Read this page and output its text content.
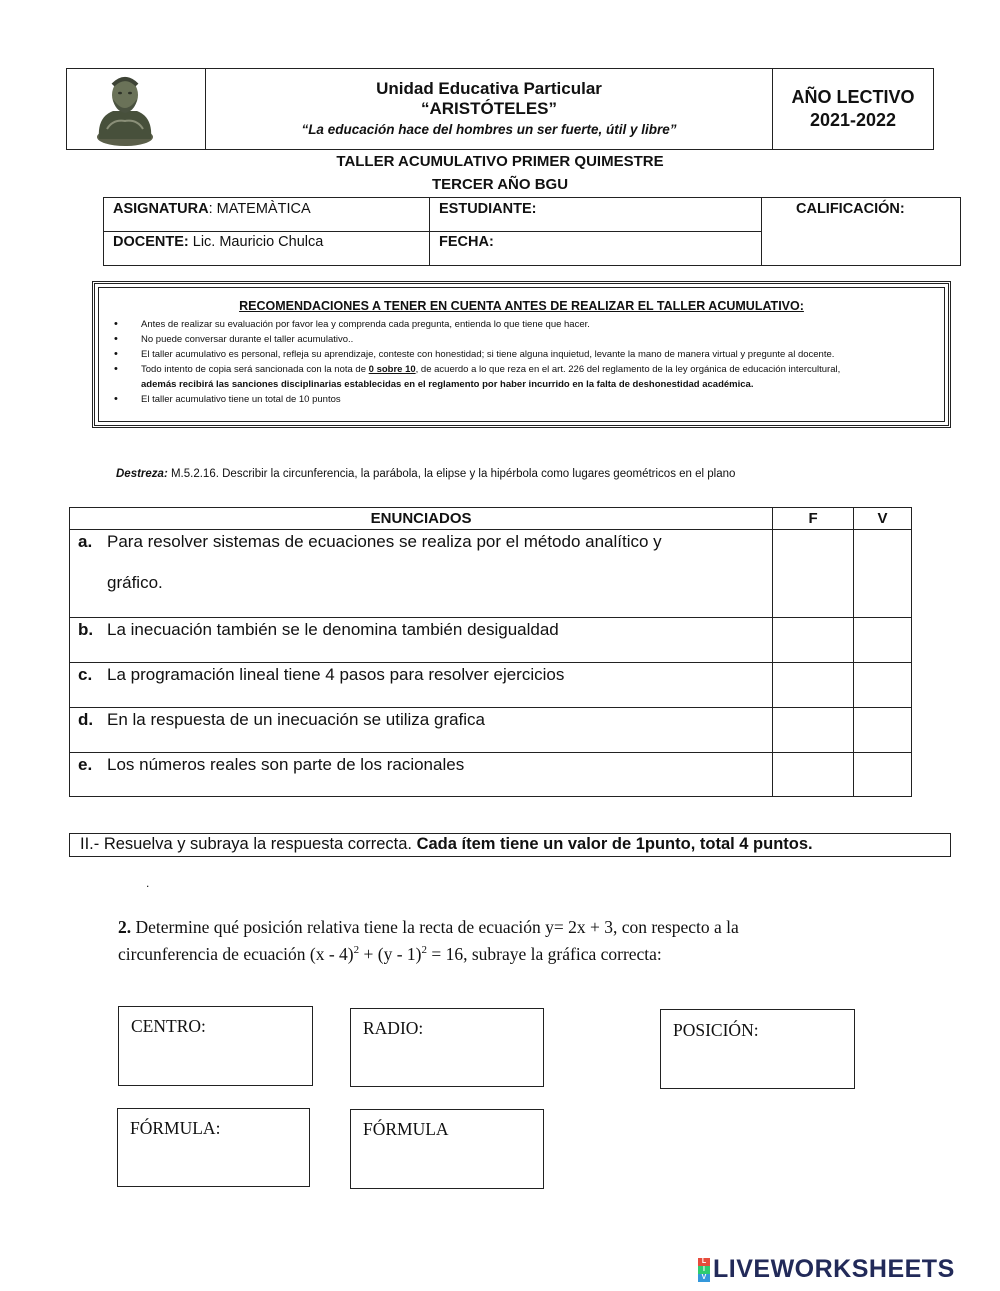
Unidad Educativa Particular
“ARISTÓTELES”
“La educación hace del hombres un ser fuerte, útil y libre”
AÑO LECTIVO
2021-2022
TALLER ACUMULATIVO PRIMER QUIMESTRE
TERCER AÑO BGU
ASIGNATURA: MATEMÀTICA	ESTUDIANTE:	CALIFICACIÓN:
DOCENTE: Lic. Mauricio Chulca	FECHA:
RECOMENDACIONES A TENER EN CUENTA ANTES DE REALIZAR EL TALLER ACUMULATIVO:
• Antes de realizar su evaluación por favor lea y comprenda cada pregunta, entienda lo que tiene que hacer.
• No puede conversar durante el taller acumulativo..
• El taller acumulativo es personal, refleja su aprendizaje, conteste con honestidad; si tiene alguna inquietud, levante la mano de manera virtual y pregunte al docente.
• Todo intento de copia será sancionada con la nota de 0 sobre 10, de acuerdo a lo que reza en el art. 226 del reglamento de la ley orgánica de educación intercultural,
además recibirá las sanciones disciplinarias establecidas en el reglamento por haber incurrido en la falta de deshonestidad académica.
• El taller acumulativo tiene un total de 10 puntos
Destreza: M.5.2.16. Describir la circunferencia, la parábola, la elipse y la hipérbola como lugares geométricos en el plano
ENUNCIADOS	F	V
a. Para resolver sistemas de ecuaciones se realiza por el método analítico y
gráfico.		

b. La inecuación también se le denomina también desigualdad		
c. La programación lineal tiene 4 pasos para resolver ejercicios		
d. En la respuesta de un inecuación se utiliza grafica		
e. Los números reales son parte de los racionales		
II.- Resuelva y subraya la respuesta correcta. Cada ítem tiene un valor de 1punto, total 4 puntos.
.
2. Determine qué posición relativa tiene la recta de ecuación y= 2x + 3, con respecto a la
circunferencia de ecuación (x - 4)$^2$ + (y - 1)$^2$ = 16, subraye la gráfica correcta:
CENTRO:	RADIO:	POSICIÓN:
FÓRMULA:	FÓRMULA
L
I
V LIVEWORKSHEETS
